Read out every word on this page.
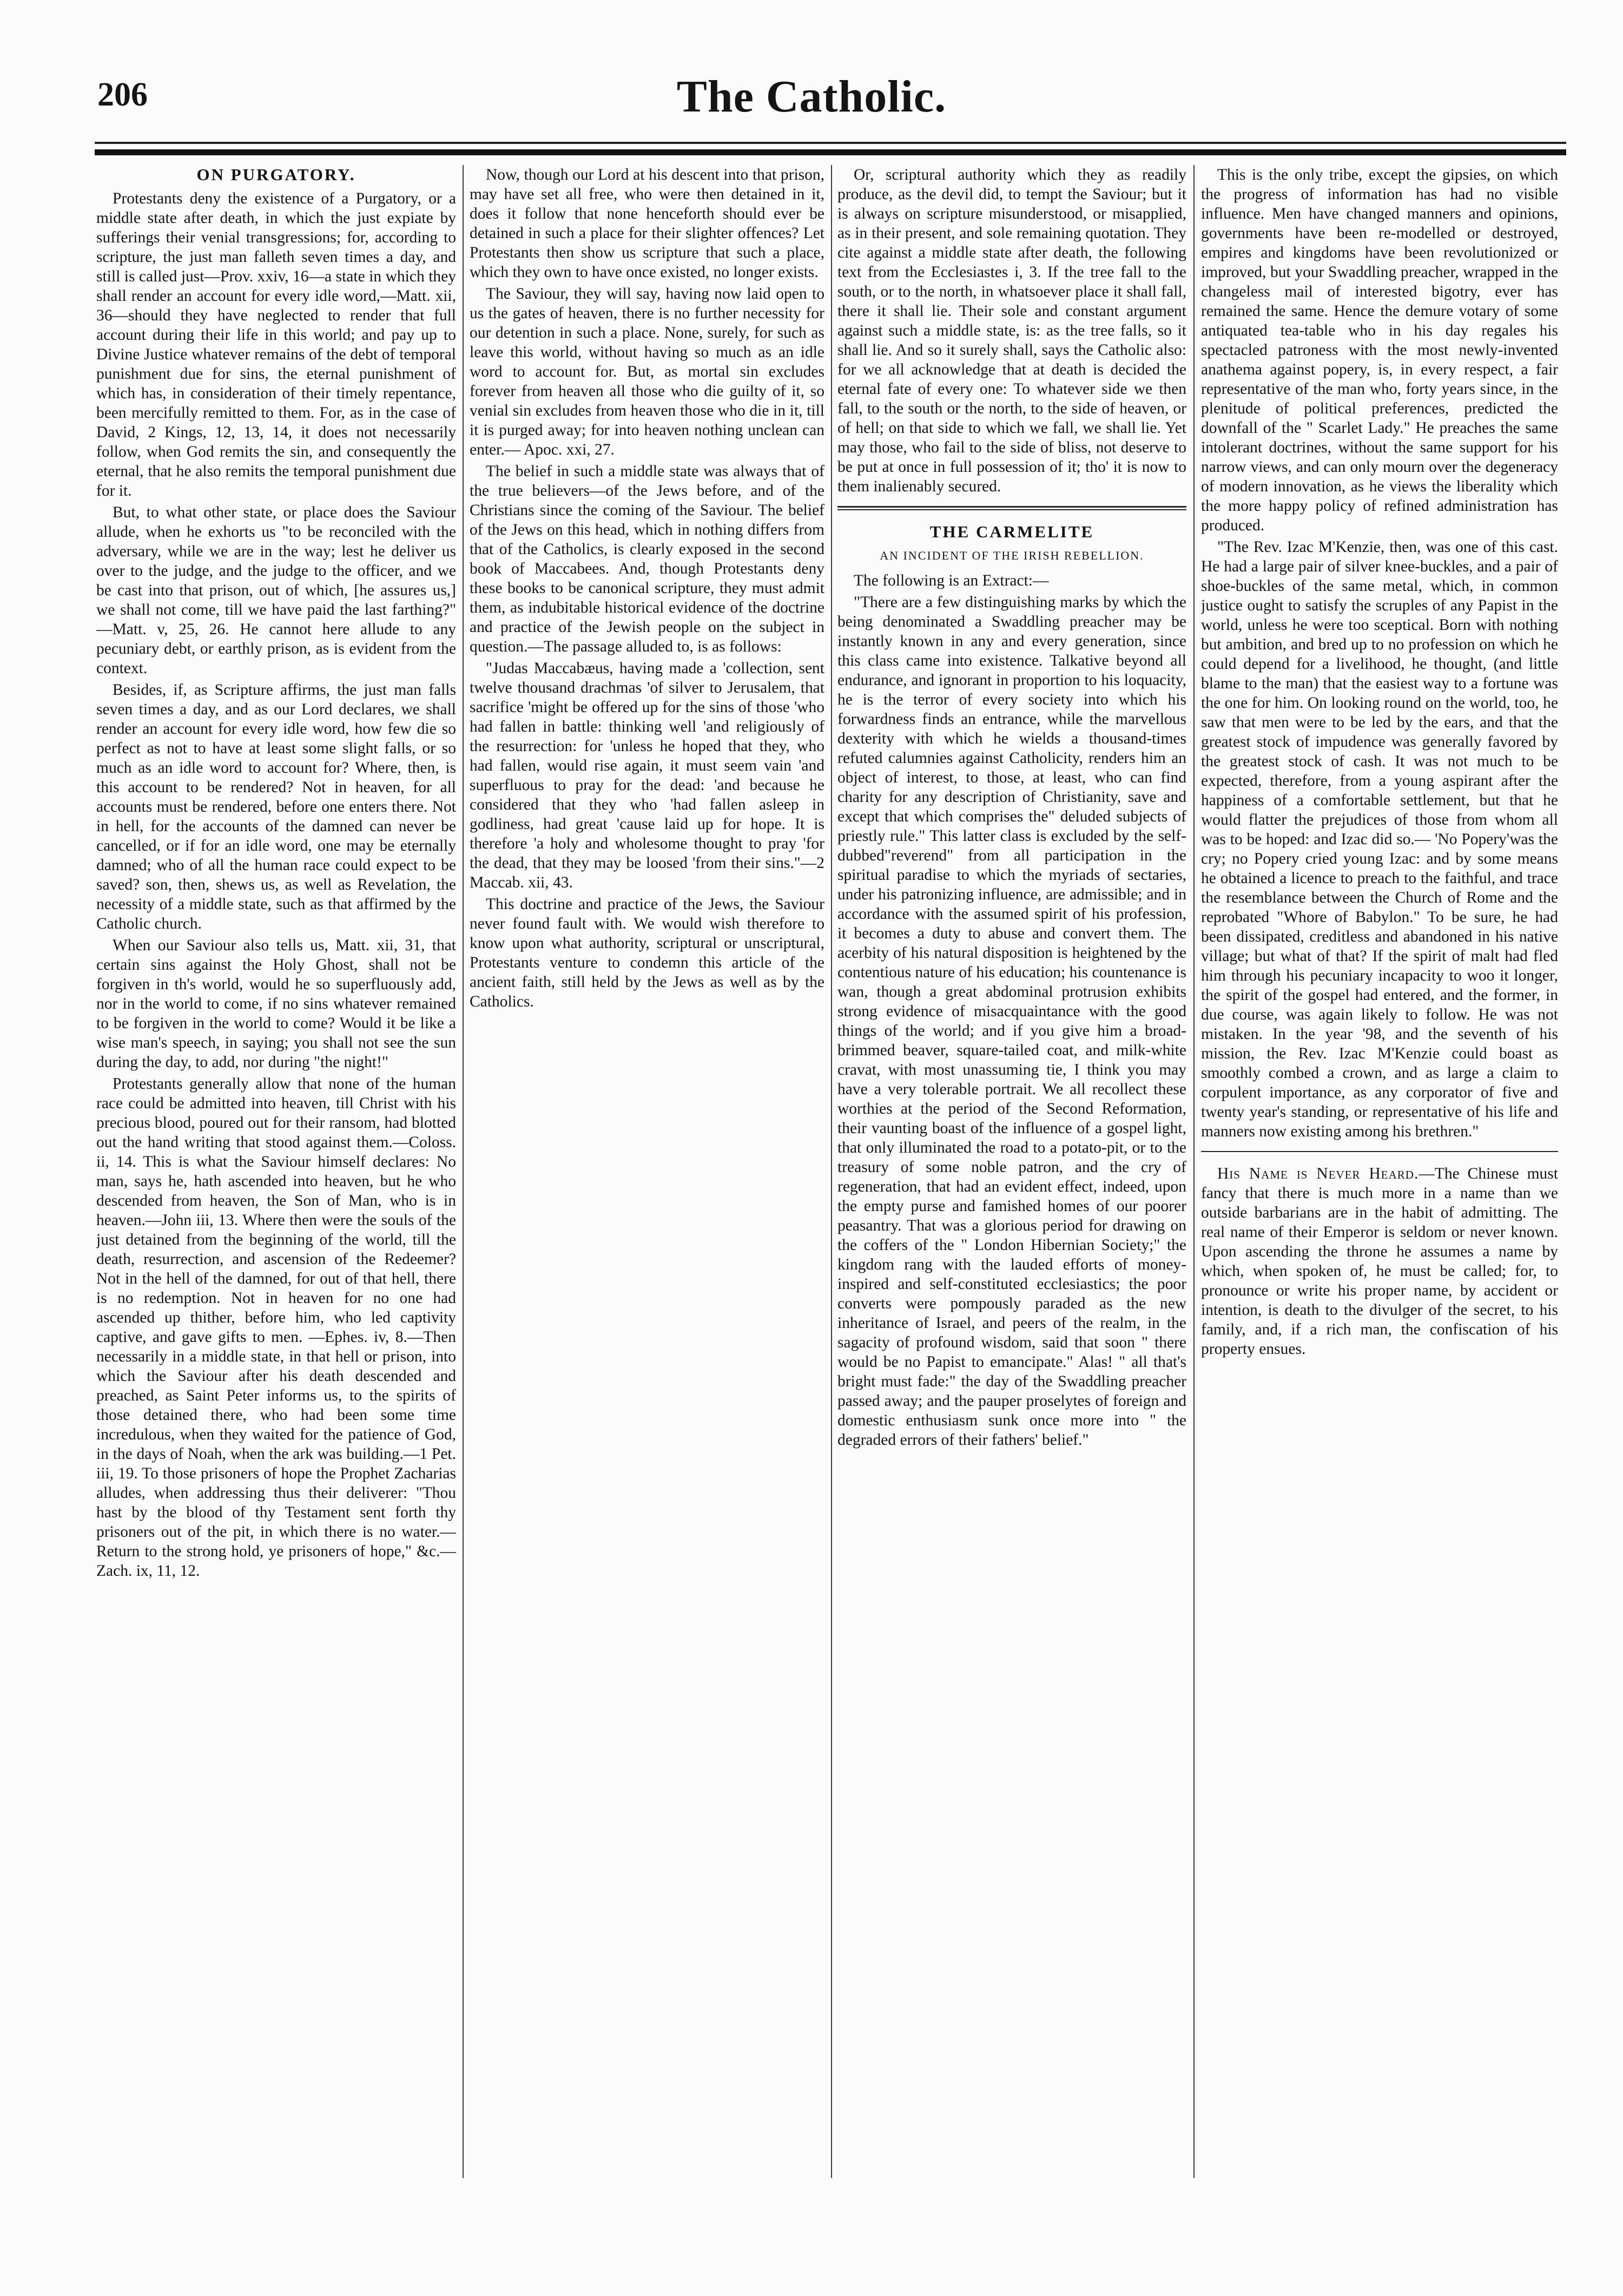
206	The Catholic.
ON PURGATORY.

Protestants deny the existence of a Purgatory, or a middle state after death, in which the just expiate by sufferings their venial transgressions; for, according to scripture, the just man falleth seven times a day, and still is called just—Prov. xxiv, 16—a state in which they shall render an account for every idle word,—Matt. xii, 36—should they have neglected to render that full account during their life in this world; and pay up to Divine Justice whatever remains of the debt of temporal punishment due for sins, the eternal punishment of which has, in consideration of their timely repentance, been mercifully remitted to them. For, as in the case of David, 2 Kings, 12, 13, 14, it does not necessarily follow, when God remits the sin, and consequently the eternal, that he also remits the temporal punishment due for it.

But, to what other state, or place does the Saviour allude, when he exhorts us "to be reconciled with the adversary, while we are in the way; lest he deliver us over to the judge, and the judge to the officer, and we be cast into that prison, out of which, [he assures us,] we shall not come, till we have paid the last farthing?" —Matt. v, 25, 26. He cannot here allude to any pecuniary debt, or earthly prison, as is evident from the context.

Besides, if, as Scripture affirms, the just man falls seven times a day, and as our Lord declares, we shall render an account for every idle word, how few die so perfect as not to have at least some slight falls, or so much as an idle word to account for? Where, then, is this account to be rendered? Not in heaven, for all accounts must be rendered, before one enters there. Not in hell, for the accounts of the damned can never be cancelled, or if for an idle word, one may be eternally damned; who of all the human race could expect to be saved? son, then, shews us, as well as Revelation, the necessity of a middle state, such as that affirmed by the Catholic church.

When our Saviour also tells us, Matt. xii, 31, that certain sins against the Holy Ghost, shall not be forgiven in th's world, would he so superfluously add, nor in the world to come, if no sins whatever remained to be forgiven in the world to come? Would it be like a wise man's speech, in saying; you shall not see the sun during the day, to add, nor during "the night!"

Protestants generally allow that none of the human race could be admitted into heaven, till Christ with his precious blood, poured out for their ransom, had blotted out the hand writing that stood against them.—Coloss. ii, 14. This is what the Saviour himself declares: No man, says he, hath ascended into heaven, but he who descended from heaven, the Son of Man, who is in heaven.—John iii, 13. Where then were the souls of the just detained from the beginning of the world, till the death, resurrection, and ascension of the Redeemer? Not in the hell of the damned, for out of that hell, there is no redemption. Not in heaven for no one had ascended up thither, before him, who led captivity captive, and gave gifts to men. —Ephes. iv, 8.—Then necessarily in a middle state, in that hell or prison, into which the Saviour after his death descended and preached, as Saint Peter informs us, to the spirits of those detained there, who had been some time incredulous, when they waited for the patience of God, in the days of Noah, when the ark was building.—1 Pet. iii, 19. To those prisoners of hope the Prophet Zacharias alludes, when addressing thus their deliverer: "Thou hast by the blood of thy Testament sent forth thy prisoners out of the pit, in which there is no water.— Return to the strong hold, ye prisoners of hope," &c.—Zach. ix, 11, 12.

Now, though our Lord at his descent into that prison, may have set all free, who were then detained in it, does it follow that none henceforth should ever be detained in such a place for their slighter offences? Let Protestants then show us scripture that such a place, which they own to have once existed, no longer exists.

The Saviour, they will say, having now laid open to us the gates of heaven, there is no further necessity for our detention in such a place. None, surely, for such as leave this world, without having so much as an idle word to account for. But, as mortal sin excludes forever from heaven all those who die guilty of it, so venial sin excludes from heaven those who die in it, till it is purged away; for into heaven nothing unclean can enter.— Apoc. xxi, 27.

The belief in such a middle state was always that of the true believers—of the Jews before, and of the Christians since the coming of the Saviour. The belief of the Jews on this head, which in nothing differs from that of the Catholics, is clearly exposed in the second book of Maccabees. And, though Protestants deny these books to be canonical scripture, they must admit them, as indubitable historical evidence of the doctrine and practice of the Jewish people on the subject in question.—The passage alluded to, is as follows:

"Judas Maccabæus, having made a 'collection, sent twelve thousand drachmas 'of silver to Jerusalem, that sacrifice 'might be offered up for the sins of those 'who had fallen in battle: thinking well 'and religiously of the resurrection: for 'unless he hoped that they, who had fallen, would rise again, it must seem vain 'and superfluous to pray for the dead: 'and because he considered that they who 'had fallen asleep in godliness, had great 'cause laid up for hope. It is therefore 'a holy and wholesome thought to pray 'for the dead, that they may be loosed 'from their sins."—2 Maccab. xii, 43.

This doctrine and practice of the Jews, the Saviour never found fault with. We would wish therefore to know upon what authority, scriptural or unscriptural, Protestants venture to condemn this article of the ancient faith, still held by the Jews as well as by the Catholics.

Or, scriptural authority which they as readily produce, as the devil did, to tempt the Saviour; but it is always on scripture misunderstood, or misapplied, as in their present, and sole remaining quotation. They cite against a middle state after death, the following text from the Ecclesiastes i, 3. If the tree fall to the south, or to the north, in whatsoever place it shall fall, there it shall lie. Their sole and constant argument against such a middle state, is: as the tree falls, so it shall lie. And so it surely shall, says the Catholic also: for we all acknowledge that at death is decided the eternal fate of every one: To whatever side we then fall, to the south or the north, to the side of heaven, or of hell; on that side to which we fall, we shall lie. Yet may those, who fail to the side of bliss, not deserve to be put at once in full possession of it; tho' it is now to them inalienably secured.

THE CARMELITE
AN INCIDENT OF THE IRISH REBELLION.

The following is an Extract:—

"There are a few distinguishing marks by which the being denominated a Swaddling preacher may be instantly known in any and every generation, since this class came into existence. Talkative beyond all endurance, and ignorant in proportion to his loquacity, he is the terror of every society into which his forwardness finds an entrance, while the marvellous dexterity with which he wields a thousand-times refuted calumnies against Catholicity, renders him an object of interest, to those, at least, who can find charity for any description of Christianity, save and except that which comprises the" deluded subjects of priestly rule." This latter class is excluded by the self-dubbed"reverend" from all participation in the spiritual paradise to which the myriads of sectaries, under his patronizing influence, are admissible; and in accordance with the assumed spirit of his profession, it becomes a duty to abuse and convert them. The acerbity of his natural disposition is heightened by the contentious nature of his education; his countenance is wan, though a great abdominal protrusion exhibits strong evidence of misacquaintance with the good things of the world; and if you give him a broad-brimmed beaver, square-tailed coat, and milk-white cravat, with most unassuming tie, I think you may have a very tolerable portrait. We all recollect these worthies at the period of the Second Reformation, their vaunting boast of the influence of a gospel light, that only illuminated the road to a potato-pit, or to the treasury of some noble patron, and the cry of regeneration, that had an evident effect, indeed, upon the empty purse and famished homes of our poorer peasantry. That was a glorious period for drawing on the coffers of the " London Hibernian Society;" the kingdom rang with the lauded efforts of money-inspired and self-constituted ecclesiastics; the poor converts were pompously paraded as the new inheritance of Israel, and peers of the realm, in the sagacity of profound wisdom, said that soon " there would be no Papist to emancipate." Alas! " all that's bright must fade:" the day of the Swaddling preacher passed away; and the pauper proselytes of foreign and domestic enthusiasm sunk once more into " the degraded errors of their fathers' belief."

This is the only tribe, except the gipsies, on which the progress of information has had no visible influence. Men have changed manners and opinions, governments have been re-modelled or destroyed, empires and kingdoms have been revolutionized or improved, but your Swaddling preacher, wrapped in the changeless mail of interested bigotry, ever has remained the same. Hence the demure votary of some antiquated tea-table who in his day regales his spectacled patroness with the most newly-invented anathema against popery, is, in every respect, a fair representative of the man who, forty years since, in the plenitude of political preferences, predicted the downfall of the " Scarlet Lady." He preaches the same intolerant doctrines, without the same support for his narrow views, and can only mourn over the degeneracy of modern innovation, as he views the liberality which the more happy policy of refined administration has produced.

"The Rev. Izac M'Kenzie, then, was one of this cast. He had a large pair of silver knee-buckles, and a pair of shoe-buckles of the same metal, which, in common justice ought to satisfy the scruples of any Papist in the world, unless he were too sceptical. Born with nothing but ambition, and bred up to no profession on which he could depend for a livelihood, he thought, (and little blame to the man) that the easiest way to a fortune was the one for him. On looking round on the world, too, he saw that men were to be led by the ears, and that the greatest stock of impudence was generally favored by the greatest stock of cash. It was not much to be expected, therefore, from a young aspirant after the happiness of a comfortable settlement, but that he would flatter the prejudices of those from whom all was to be hoped: and Izac did so.— 'No Popery'was the cry; no Popery cried young Izac: and by some means he obtained a licence to preach to the faithful, and trace the resemblance between the Church of Rome and the reprobated "Whore of Babylon." To be sure, he had been dissipated, creditless and abandoned in his native village; but what of that? If the spirit of malt had fled him through his pecuniary incapacity to woo it longer, the spirit of the gospel had entered, and the former, in due course, was again likely to follow. He was not mistaken. In the year '98, and the seventh of his mission, the Rev. Izac M'Kenzie could boast as smoothly combed a crown, and as large a claim to corpulent importance, as any corporator of five and twenty year's standing, or representative of his life and manners now existing among his brethren."

His Name is Never Heard.—The Chinese must fancy that there is much more in a name than we outside barbarians are in the habit of admitting. The real name of their Emperor is seldom or never known. Upon ascending the throne he assumes a name by which, when spoken of, he must be called; for, to pronounce or write his proper name, by accident or intention, is death to the divulger of the secret, to his family, and, if a rich man, the confiscation of his property ensues.
